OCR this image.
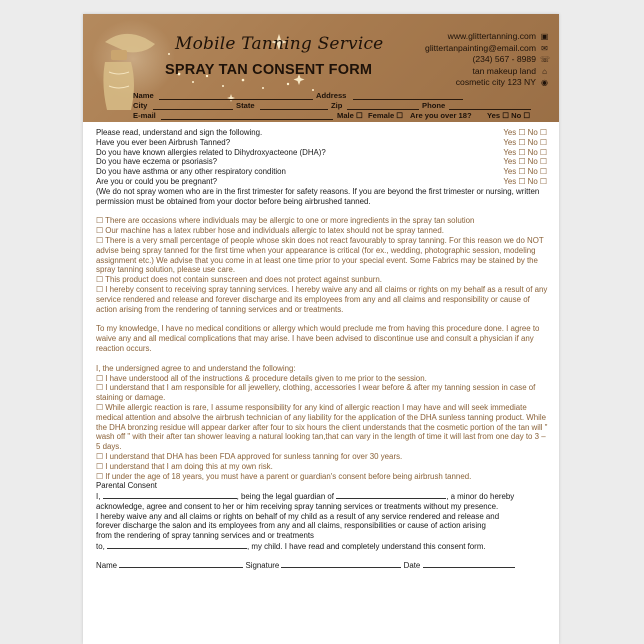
Mobile Tanning Service
SPRAY TAN CONSENT FORM
www.glittertanning.com ▣
glittertanpainting@email.com ✉
(234) 567 - 8989 ☏
tan makeup land ⌂
cosmetic city 123 NY ◉
Name	Address
City	State	Zip	Phone
E-mail	Male ☐ Female ☐ Are you over 18? Yes ☐ No ☐
Please read, understand and sign the following.	Yes ☐ No ☐
Have you ever been Airbrush Tanned?	Yes ☐ No ☐
Do you have known allergies related to Dihydroxyacteone (DHA)?	Yes ☐ No ☐
Do you have eczema or psoriasis?	Yes ☐ No ☐
Do you have asthma or any other respiratory condition	Yes ☐ No ☐
Are you or could you be pregnant?	Yes ☐ No ☐

(We do not spray women who are in the first trimester for safety reasons. If you are beyond the first trimester or nursing, written permission must be obtained from your doctor before being airbrushed tanned.

☐ There are occasions where individuals may be allergic to one or more ingredients in the spray tan solution

☐ Our machine has a latex rubber hose and individuals allergic to latex should not be spray tanned.

☐ There is a very small percentage of people whose skin does not react favourably to spray tanning. For this reason we do NOT advise being spray tanned for the first time when your appearance is critical (for ex., wedding, photographic session, modeling assignment etc.) We advise that you come in at least one time prior to your special event. Some Fabrics may be stained by the spray tanning solution, please use care.

☐ This product does not contain sunscreen and does not protect against sunburn.

☐ I hereby consent to receiving spray tanning services. I hereby waive any and all claims or rights on my behalf as a result of any service rendered and release and forever discharge and its employees from any and all claims and responsibility or cause of action arising from the rendering of tanning services and or treatments.

To my knowledge, I have no medical conditions or allergy which would preclude me from having this procedure done. I agree to waive any and all medical complications that may arise. I have been advised to discontinue use and consult a physician if any reaction occurs.

I, the undersigned agree to and understand the following:

☐ I have understood all of the instructions & procedure details given to me prior to the session.

☐ I understand that I am responsible for all jewellery, clothing, accessories I wear before & after my tanning session in case of staining or damage.

☐ While allergic reaction is rare, I assume responsibility for any kind of allergic reaction I may have and will seek immediate medical attention and absolve the airbrush technician of any liability for the application of the DHA sunless tanning product. While the DHA bronzing residue will appear darker after four to six hours the client understands that the cosmetic portion of the tan will " wash off " with their after tan shower leaving a natural looking tan,that can vary in the length of time it will last from one day to 3 – 5 days.

☐ I understand that DHA has been FDA approved for sunless tanning for over 30 years.

☐ I understand that I am doing this at my own risk.

☐ If under the age of 18 years, you must have a parent or guardian's consent before being airbrush tanned.

Parental Consent

I,	, being the legal guardian of	, a minor do hereby

acknowledge, agree and consent to her or him receiving spray tanning services or treatments without my presence.

I hereby waive any and all claims or rights on behalf of my child as a result of any service rendered and release and

forever discharge the salon and its employees from any and all claims, responsibilities or cause of action arising

from the rendering of spray tanning services and or treatments

to,	, my child. I have read and completely understand this consent form.

Name	Signature	Date
